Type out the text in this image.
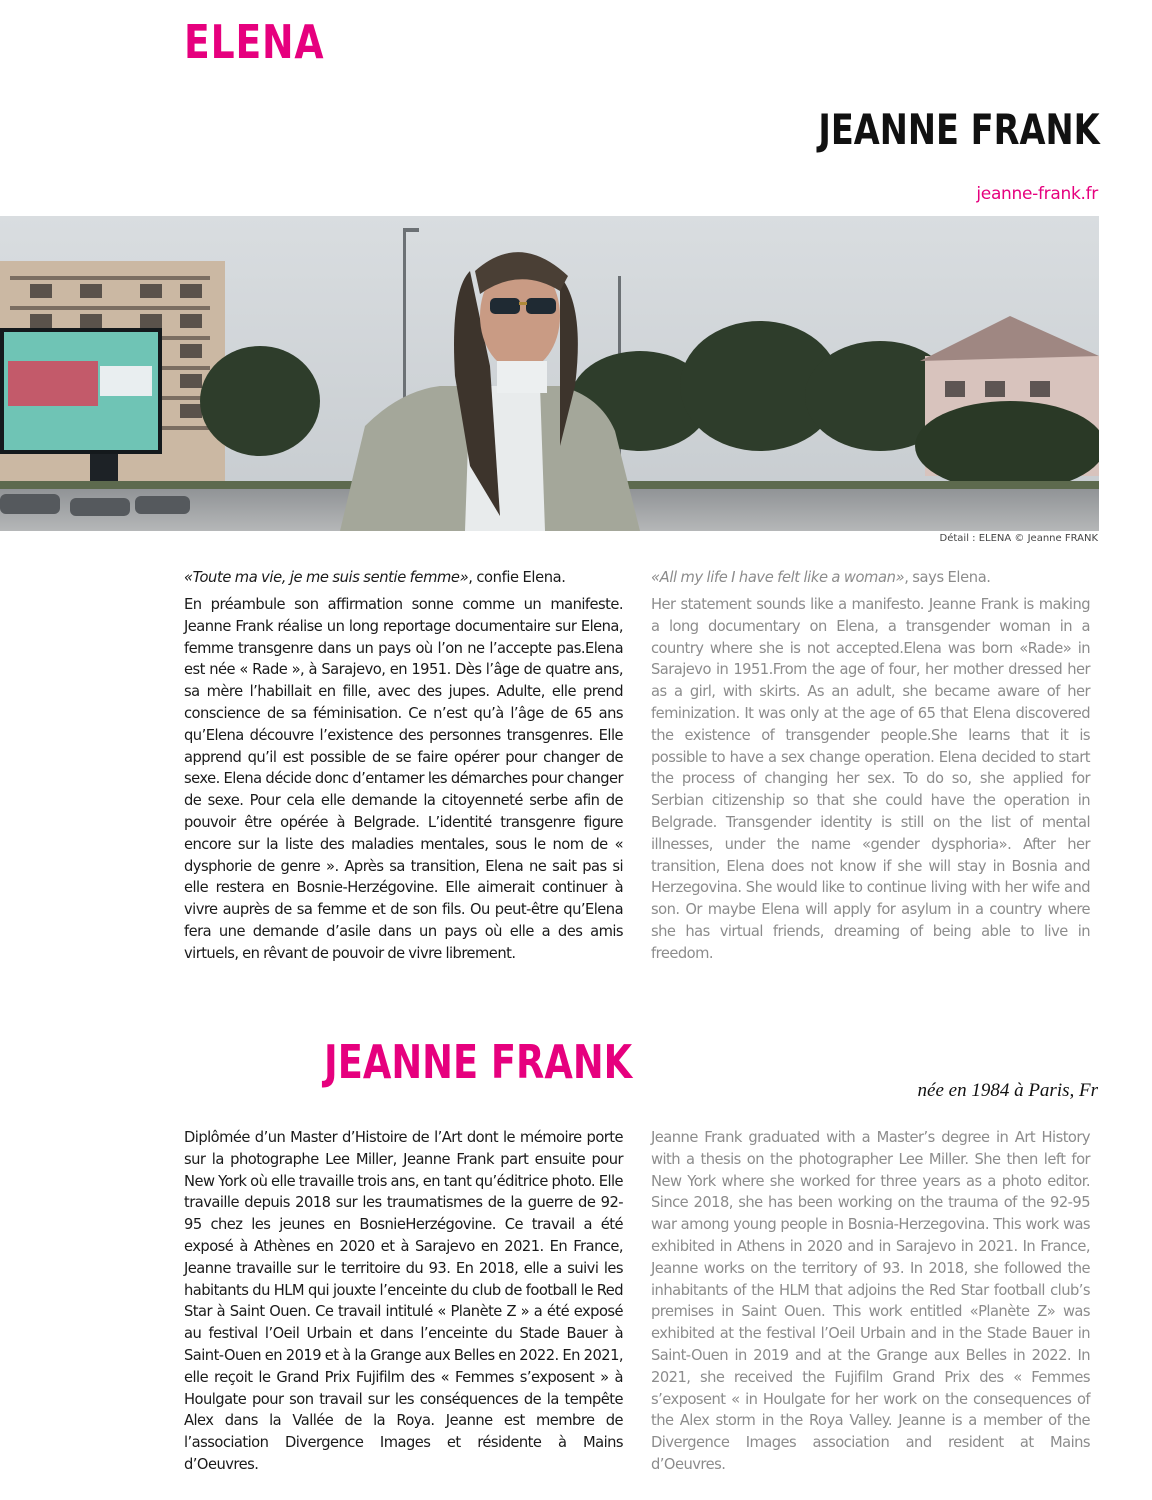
ELENA
JEANNE FRANK
jeanne-frank.fr
Détail : ELENA © Jeanne FRANK

«Toute ma vie, je me suis sentie femme», confie Elena.

En préambule son affirmation sonne comme un manifeste. Jeanne Frank réalise un long reportage documentaire sur Elena, femme transgenre dans un pays où l’on ne l’accepte pas.Elena est née « Rade », à Sarajevo, en 1951. Dès l’âge de quatre ans, sa mère l’habillait en fille, avec des jupes. Adulte, elle prend conscience de sa féminisation. Ce n’est qu’à l’âge de 65 ans qu’Elena découvre l’existence des personnes transgenres. Elle apprend qu’il est possible de se faire opérer pour changer de sexe. Elena décide donc d’entamer les démarches pour changer de sexe. Pour cela elle demande la citoyenneté serbe afin de pouvoir être opérée à Belgrade. L’identité transgenre figure encore sur la liste des maladies mentales, sous le nom de « dysphorie de genre ». Après sa transition, Elena ne sait pas si elle restera en Bosnie-Herzégovine. Elle aimerait continuer à vivre auprès de sa femme et de son fils. Ou peut-être qu’Elena fera une demande d’asile dans un pays où elle a des amis virtuels, en rêvant de pouvoir de vivre librement.

«All my life I have felt like a woman», says Elena.

Her statement sounds like a manifesto. Jeanne Frank is making a long documentary on Elena, a transgender woman in a country where she is not accepted.Elena was born «Rade» in Sarajevo in 1951.From the age of four, her mother dressed her as a girl, with skirts. As an adult, she became aware of her feminization. It was only at the age of 65 that Elena discovered the existence of transgender people.She learns that it is possible to have a sex change operation. Elena decided to start the process of changing her sex. To do so, she applied for Serbian citizenship so that she could have the operation in Belgrade. Transgender identity is still on the list of mental illnesses, under the name «gender dysphoria». After her transition, Elena does not know if she will stay in Bosnia and Herzegovina. She would like to continue living with her wife and son. Or maybe Elena will apply for asylum in a country where she has virtual friends, dreaming of being able to live in freedom.

JEANNE FRANK
née en 1984 à Paris, Fr

Diplômée d’un Master d’Histoire de l’Art dont le mémoire porte sur la photographe Lee Miller, Jeanne Frank part ensuite pour New York où elle travaille trois ans, en tant qu’éditrice photo. Elle travaille depuis 2018 sur les traumatismes de la guerre de 92-95 chez les jeunes en BosnieHerzégovine. Ce travail a été exposé à Athènes en 2020 et à Sarajevo en 2021. En France, Jeanne travaille sur le territoire du 93. En 2018, elle a suivi les habitants du HLM qui jouxte l’enceinte du club de football le Red Star à Saint Ouen. Ce travail intitulé « Planète Z » a été exposé au festival l’Oeil Urbain et dans l’enceinte du Stade Bauer à Saint-Ouen en 2019 et à la Grange aux Belles en 2022. En 2021, elle reçoit le Grand Prix Fujifilm des « Femmes s’exposent » à Houlgate pour son travail sur les conséquences de la tempête Alex dans la Vallée de la Roya. Jeanne est membre de l’association Divergence Images et résidente à Mains d’Oeuvres.

Jeanne Frank graduated with a Master’s degree in Art History with a thesis on the photographer Lee Miller. She then left for New York where she worked for three years as a photo editor. Since 2018, she has been working on the trauma of the 92-95 war among young people in Bosnia-Herzegovina. This work was exhibited in Athens in 2020 and in Sarajevo in 2021. In France, Jeanne works on the territory of 93. In 2018, she followed the inhabitants of the HLM that adjoins the Red Star football club’s premises in Saint Ouen. This work entitled «Planète Z» was exhibited at the festival l’Oeil Urbain and in the Stade Bauer in Saint-Ouen in 2019 and at the Grange aux Belles in 2022. In 2021, she received the Fujifilm Grand Prix des « Femmes s’exposent « in Houlgate for her work on the consequences of the Alex storm in the Roya Valley. Jeanne is a member of the Divergence Images association and resident at Mains d’Oeuvres.
